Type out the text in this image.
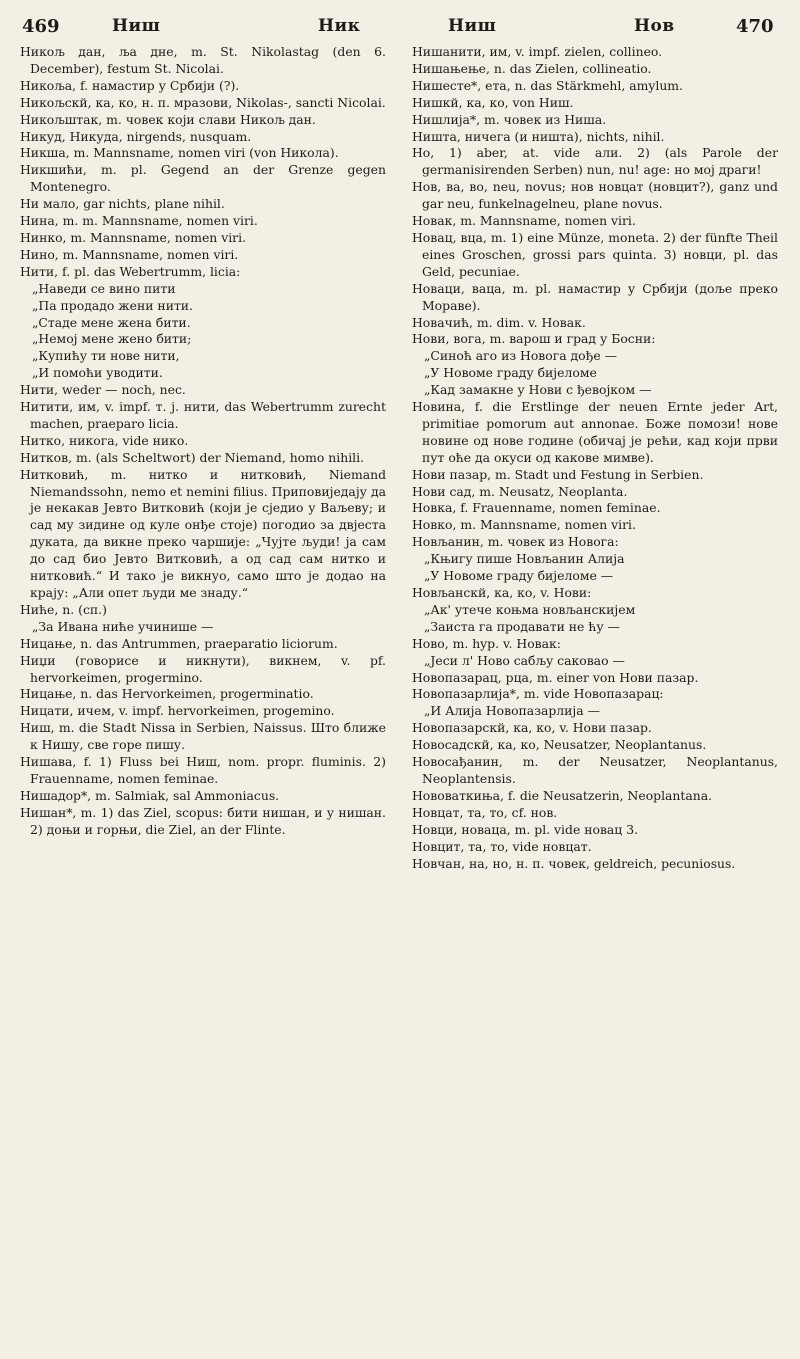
469	Ниш	Ник	Ниш	Нов	470

Никољ дан, ља дне, m. St. Nikolastag (den 6. December), festum St. Nicolai.

Никоља, f. намастир у Србији (?).

Никољскй, ка, ко, н. п. мразови, Nikolas-, sancti Nicolai.

Никољштак, m. човек који слави Никољ дан.

Никуд, Никуда, nirgends, nusquam.

Никша, m. Mannsname, nomen viri (von Никола).

Никшићи, m. pl. Gegend an der Grenze gegen Montenegro.

Ни мало, gar nichts, plane nihil.

Нина, m. m. Mannsname, nomen viri.

Нинко, m. Mannsname, nomen viri.

Нино, m. Mannsname, nomen viri.

Нити, f. pl. das Webertrumm, licia:

„Наведи се вино пити

„Па продадо жени нити.

„Стаде мене жена бити.

„Немој мене жено бити;

„Купићу ти нове нити,

„И помоћи уводити.

Нити, weder — noch, nec.

Нитити, им, v. impf. т. ј. нити, das Webertrumm zurecht machen, praeparo licia.

Нитко, никога, vide нико.

Нитков, m. (als Scheltwort) der Niemand, homo nihili.

Нитковић, m. нитко и нитковић, Niemand Niemandssohn, nemo et nemini filius. Приповиједају да је некакав Јевто Витковић (који је сједио у Ваљеву; и сад му зидине од куле онђе стоје) погодио за двјеста дуката, да викне преко чаршије: „Чујте људи! ја сам до сад био Јевто Витковић, а од сад сам нитко и нитковић.“ И тако је викнуо, само што је додао на крају: „Али опет људи ме знаду.“

Ниће, n. (сп.)

„За Ивана ниће учинише —

Ницање, n. das Antrummen, praeparatio liciorum.

Ниџи (говорисе и никнути), викнем, v. pf. hervorkeimen, progermino.

Ницање, n. das Hervorkeimen, progerminatio.

Ницати, ичем, v. impf. hervorkeimen, progemino.

Ниш, m. die Stadt Nissa in Serbien, Naissus. Што ближе к Нишу, све горе пишу.

Нишава, f. 1) Fluss bei Ниш, nom. propr. fluminis. 2) Frauenname, nomen feminae.

Нишадор*, m. Salmiak, sal Ammoniacus.

Нишан*, m. 1) das Ziel, scopus: бити нишан, и у нишан. 2) доњи и горњи, die Ziel, an der Flinte.

Нишанити, им, v. impf. zielen, collineo.

Нишањење, n. das Zielen, collineatio.

Нишесте*, ета, n. das Stärkmehl, amylum.

Нишкй, ка, ко, von Ниш.

Нишлија*, m. човек из Ниша.

Ништа, ничега (и ништа), nichts, nihil.

Но, 1) aber, at. vide али. 2) (als Parole der germanisirenden Serben) nun, nu! age: но мој драги!

Нов, ва, во, neu, novus; нов новцат (новцит?), ganz und gar neu, funkelnagelneu, plane novus.

Новак, m. Mannsname, nomen viri.

Новац, вца, m. 1) eine Münze, moneta. 2) der fünfte Theil eines Groschen, grossi pars quinta. 3) новци, pl. das Geld, pecuniae.

Новаци, ваца, m. pl. намастир у Србији (доље преко Мораве).

Новачић, m. dim. v. Новак.

Нови, вога, m. варош и град у Босни:

„Синоћ аго из Новога дође —

„У Новоме граду бијеломе

„Кад замакне у Нови с ђевојком —

Новина, f. die Erstlinge der neuen Ernte jeder Art, primitiae pomorum aut annonae. Боже помози! нове новине од нове године (обичај је рећи, кад који први пут оће да окуси од какове мимве).

Нови пазар, m. Stadt und Festung in Serbien.

Нови сад, m. Neusatz, Neoplanta.

Новка, f. Frauenname, nomen feminae.

Новко, m. Mannsname, nomen viri.

Новљанин, m. човек из Новога:

„Књигу пише Новљанин Алија

„У Новоме граду бијеломе —

Новљанскй, ка, ко, v. Нови:

„Ак' утече коњма новљанскијем

„Заиста га продавати не ћу —

Ново, m. hyp. v. Новак:

„Јеси л' Ново сабљу саковао —

Новопазарац, рца, m. einer von Нови пазар.

Новопазарлија*, m. vide Новопазарац:

„И Алија Новопазарлија —

Новопазарскй, ка, ко, v. Нови пазар.

Новосадскй, ка, ко, Neusatzer, Neoplantanus.

Новосађанин, m. der Neusatzer, Neoplantanus, Neoplantensis.

Нововаткиња, f. die Neusatzerin, Neoplantana.

Новцат, та, то, cf. нов.

Новци, новаца, m. pl. vide новац 3.

Новцит, та, то, vide новцат.

Новчан, на, но, н. п. човек, geldreich, pecuniosus.
